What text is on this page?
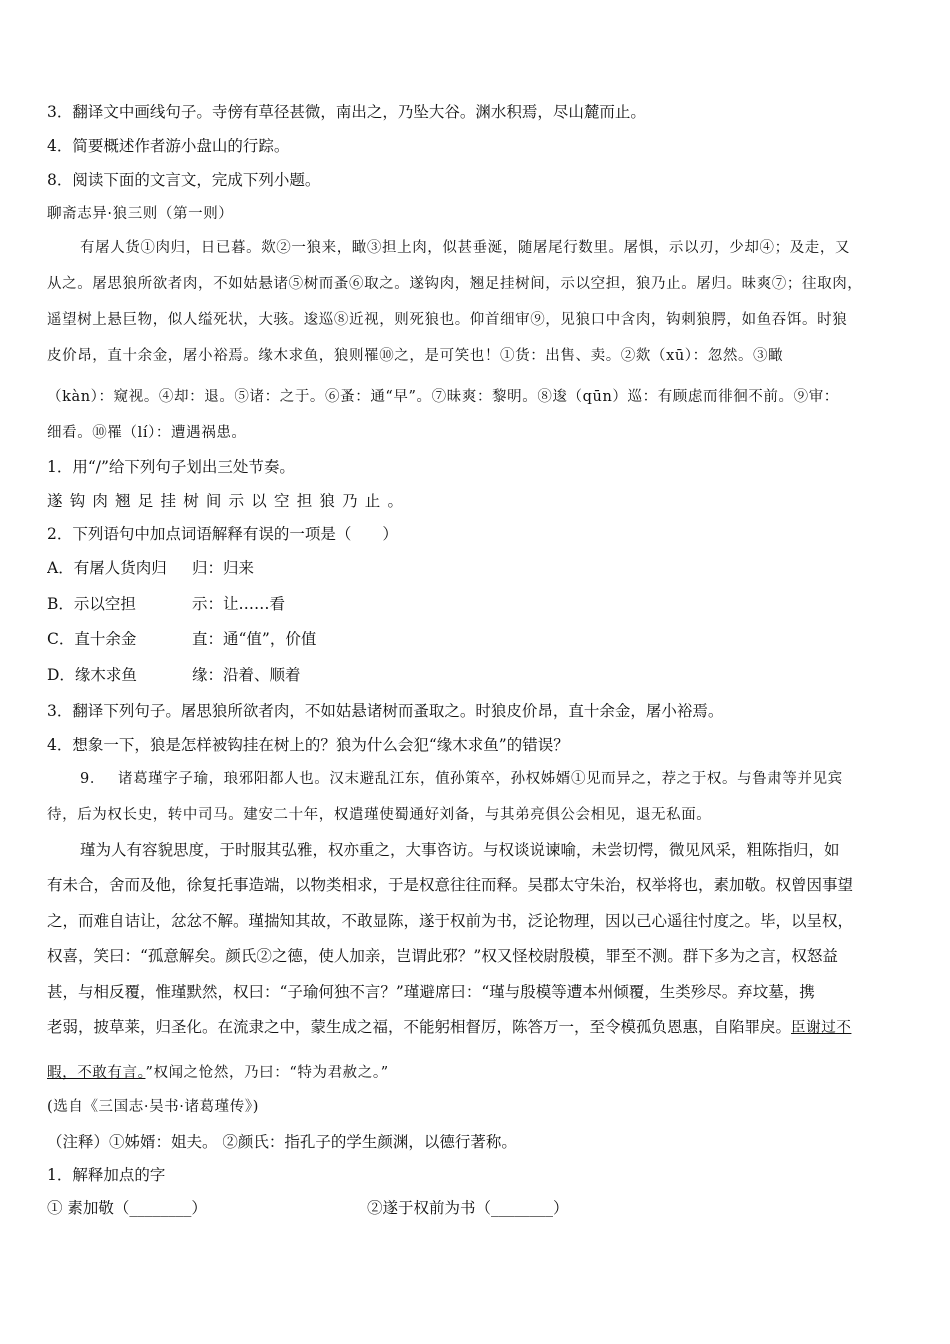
3．翻译文中画线句子。寺傍有草径甚微，南出之，乃坠大谷。渊水积焉，尽山麓而止。
4．简要概述作者游小盘山的行踪。
8．阅读下面的文言文，完成下列小题。
聊斋志异·狼三则（第一则）
有屠人货①肉归，日已暮。欻②一狼来，瞰③担上肉，似甚垂涎，随屠尾行数里。屠惧，示以刃，少却④；及走，又
从之。屠思狼所欲者肉，不如姑悬诸⑤树而蚤⑥取之。遂钩肉，翘足挂树间，示以空担，狼乃止。屠归。昧爽⑦；往取肉，
遥望树上悬巨物，似人缢死状，大骇。逡巡⑧近视，则死狼也。仰首细审⑨，见狼口中含肉，钩刺狼腭，如鱼吞饵。时狼
皮价昂，直十余金，屠小裕焉。缘木求鱼，狼则罹⑩之，是可笑也！①货：出售、卖。②欻（xū）：忽然。③瞰
（kàn）：窥视。④却：退。⑤诸：之于。⑥蚤：通“早”。⑦昧爽：黎明。⑧逡（qūn）巡：有顾虑而徘徊不前。⑨审：
细看。⑩罹（lí）：遭遇祸患。
1．用“/”给下列句子划出三处节奏。
遂钩肉翘足挂树间示以空担狼乃止。
2．下列语句中加点词语解释有误的一项是（　　）
A．有屠人货肉归 归：归来
B．示以空担	示：让……看
C．直十余金	直：通“值”，价值
D．缘木求鱼	缘：沿着、顺着
3．翻译下列句子。屠思狼所欲者肉，不如姑悬诸树而蚤取之。时狼皮价昂，直十余金，屠小裕焉。
4．想象一下，狼是怎样被钩挂在树上的？狼为什么会犯“缘木求鱼”的错误？
9．　 诸葛瑾字子瑜，琅邪阳都人也。汉末避乱江东，值孙策卒，孙权姊婿①见而异之，荐之于权。与鲁肃等并见宾
待，后为权长史，转中司马。建安二十年，权遣瑾使蜀通好刘备，与其弟亮俱公会相见，退无私面。
瑾为人有容貌思度，于时服其弘雅，权亦重之，大事咨访。与权谈说谏喻，未尝切愕，微见风采，粗陈指归，如
有未合，舍而及他，徐复托事造端，以物类相求，于是权意往往而释。吴郡太守朱治，权举将也，素加敬。权曾因事望
之，而难自诘让，忿忿不解。瑾揣知其故，不敢显陈，遂于权前为书，泛论物理，因以己心遥往忖度之。毕，以呈权，
权喜，笑曰：“孤意解矣。颜氏②之德，使人加亲，岂谓此邪？”权又怪校尉殷模，罪至不测。群下多为之言，权怒益
甚，与相反覆，惟瑾默然，权曰：“子瑜何独不言？”瑾避席曰：“瑾与殷模等遭本州倾覆，生类殄尽。弃坟墓，携
老弱，披草莱，归圣化。在流隶之中，蒙生成之福，不能躬相督厉，陈答万一，至令模孤负恩惠，自陷罪戾。臣谢过不
暇，不敢有言。”权闻之怆然，乃曰：“特为君赦之。”
(选自《三国志·吴书·诸葛瑾传》)
（注释）①姊婿：姐夫。 ②颜氏：指孔子的学生颜渊，以德行著称。
1．解释加点的字
① 素加敬（________）	②遂于权前为书（________）
